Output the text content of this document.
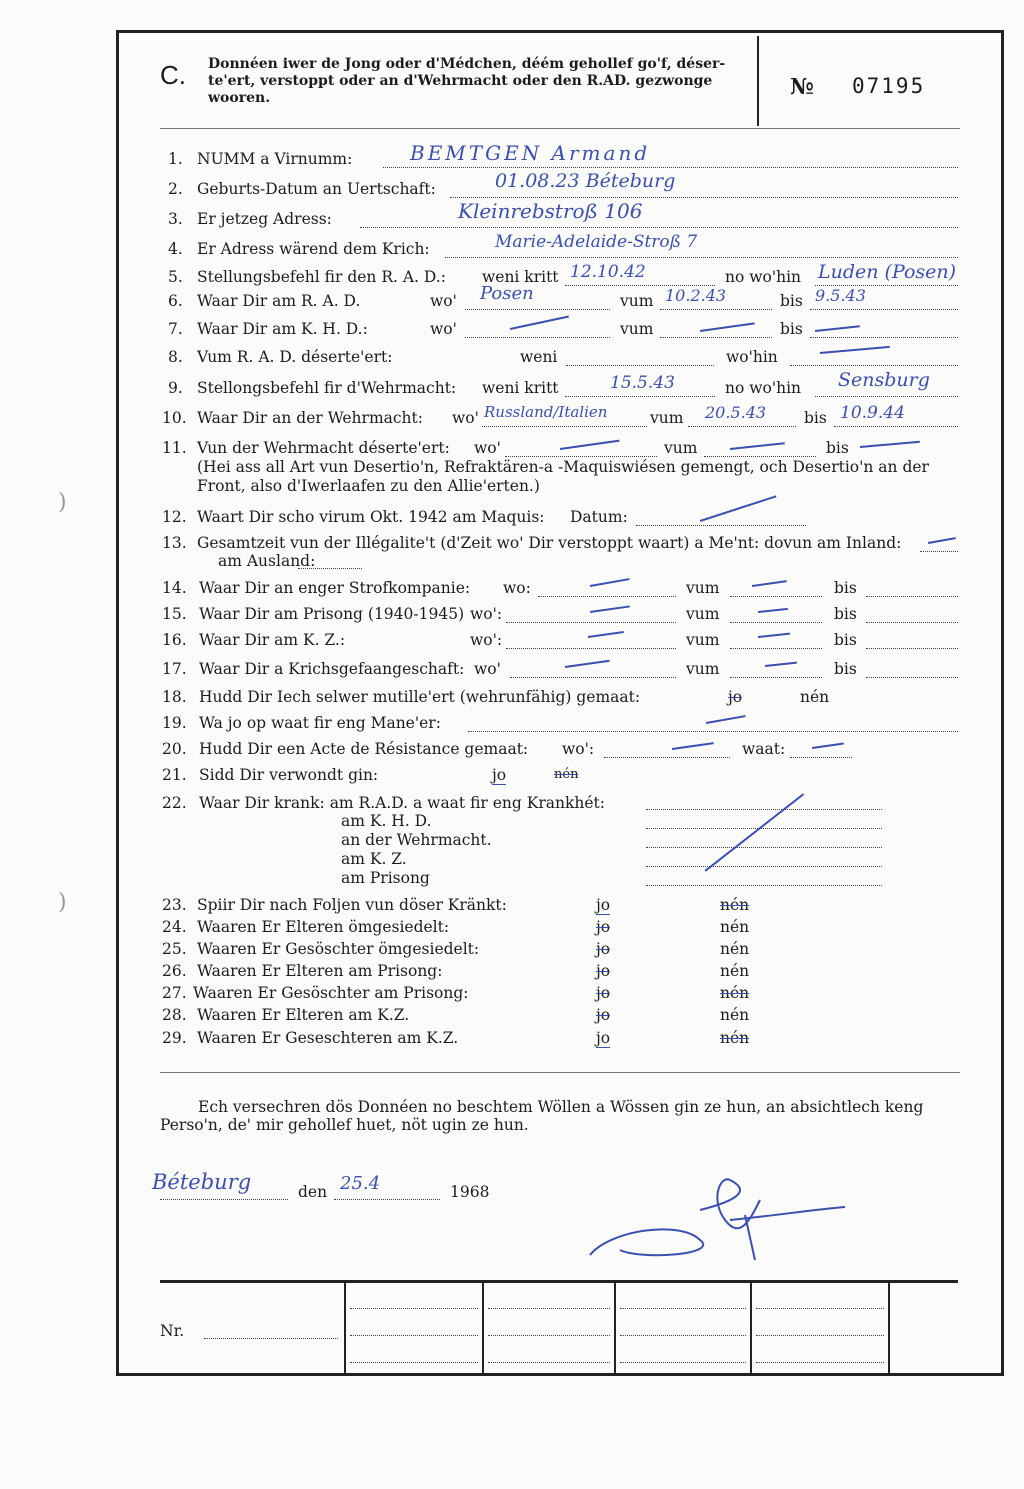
C. Donnéen iwer de Jong oder d'Médchen, déém gehollef go'f, déser-te'ert, verstoppt oder an d'Wehrmacht oder den R.AD. gezwonge wooren.	№ 07195
1. NUMM a Virnumm:	BEMTGEN Armand
2. Geburts-Datum an Uertschaft:	01.08.23 Béteburg
3. Er jetzeg Adress:	Kleinrebstroß 106
4. Er Adress wärend dem Krich:	Marie-Adelaide-Stroß 7
5. Stellungsbefehl fir den R. A. D.: weni kritt 12.10.42	no wo'hin Luden (Posen)
6. Waar Dir am R. A. D.	wo' Posen	vum 10.2.43	bis 9.5.43
7. Waar Dir am K. H. D.:	wo'	vum	bis
8. Vum R. A. D. déserte'ert:	weni	wo'hin
9. Stellongsbefehl fir d'Wehrmacht: weni kritt	15.5.43	no wo'hin Sensburg
10. Waar Dir an der Wehrmacht: wo' Russland/Italien	vum 20.5.43 bis 10.9.44
11. Vun der Wehrmacht déserte'ert: wo'	vum	bis
(Hei ass all Art vun Desertio'n, Refraktären-a -Maquiswiésen gemengt, och Desertio'n an der
Front, also d'Iwerlaafen zu den Allie'erten.)
12. Waart Dir scho virum Okt. 1942 am Maquis: Datum:
13. Gesamtzeit vun der Illégalite't (d'Zeit wo' Dir verstoppt waart) a Me'nt: dovun am Inland:
am Ausland:
14. Waar Dir an enger Strofkompanie: wo:	vum	bis
15. Waar Dir am Prisong (1940-1945) wo':	vum	bis
16. Waar Dir am K. Z.:	wo':	vum	bis
17. Waar Dir a Krichsgefaangeschaft: wo'	vum	bis
18. Hudd Dir Iech selwer mutille'ert (wehrunfähig) gemaat:	jo	nén
19. Wa jo op waat fir eng Mane'er:
20. Hudd Dir een Acte de Résistance gemaat: wo':	waat:
21. Sidd Dir verwondt gin:	jo	nén
22. Waar Dir krank: am R.A.D. a waat fir eng Krankhét:
am K. H. D.
an der Wehrmacht.
am K. Z.
am Prisong
23. Spiir Dir nach Foljen vun döser Kränkt:	jo	nén
24. Waaren Er Elteren ömgesiedelt:	jo	nén
25. Waaren Er Gesöschter ömgesiedelt:	jo	nén
26. Waaren Er Elteren am Prisong:	jo	nén
27. Waaren Er Gesöschter am Prisong:	jo	nén
28. Waaren Er Elteren am K.Z.	jo	nén
29. Waaren Er Geseschteren am K.Z.	jo	nén
Ech versechren dös Donnéen no beschtem Wöllen a Wössen gin ze hun, an absichtlech keng
Perso'n, de' mir gehollef huet, nöt ugin ze hun.
Béteburg	den 25.4	1968
Nr.
)
)
